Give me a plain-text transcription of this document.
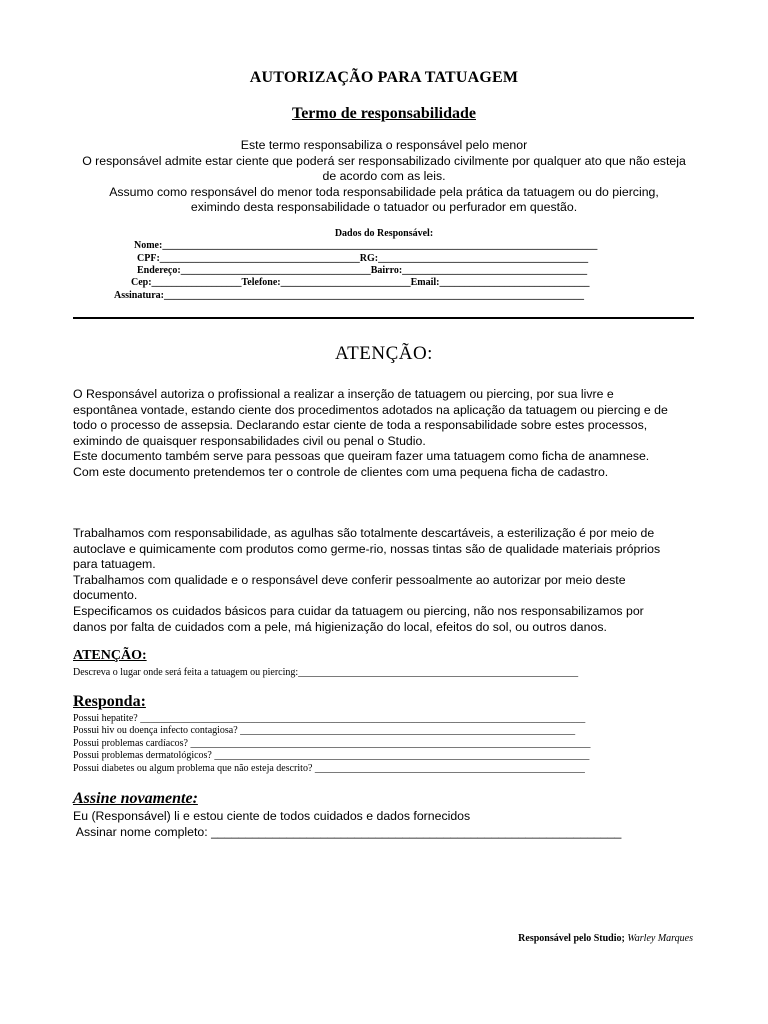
AUTORIZAÇÃO PARA TATUAGEM
Termo de responsabilidade
Este termo responsabiliza o responsável pelo menor
O responsável admite estar ciente que poderá ser responsabilizado civilmente por qualquer ato que não esteja
de acordo com as leis.
Assumo como responsável do menor toda responsabilidade pela prática da tatuagem ou do piercing,
eximindo desta responsabilidade o tatuador ou perfurador em questão.
Dados do Responsável:
Nome:_______________________________________________________________________________________
CPF:________________________________________RG:__________________________________________
Endereço:______________________________________Bairro:_____________________________________
Cep:__________________Telefone:__________________________Email:______________________________
Assinatura:____________________________________________________________________________________
ATENÇÃO:
O Responsável autoriza o profissional a realizar a inserção de tatuagem ou piercing, por sua livre e
espontânea vontade, estando ciente dos procedimentos adotados na aplicação da tatuagem ou piercing e de
todo o processo de assepsia. Declarando estar ciente de toda a responsabilidade sobre estes processos,
eximindo de quaisquer responsabilidades civil ou penal o Studio.
Este documento também serve para pessoas que queiram fazer uma tatuagem como ficha de anamnese.
Com este documento pretendemos ter o controle de clientes com uma pequena ficha de cadastro.
Trabalhamos com responsabilidade, as agulhas são totalmente descartáveis, a esterilização é por meio de
autoclave e quimicamente com produtos como germe-rio, nossas tintas são de qualidade materiais próprios
para tatuagem.
Trabalhamos com qualidade e o responsável deve conferir pessoalmente ao autorizar por meio deste
documento.
Especificamos os cuidados básicos para cuidar da tatuagem ou piercing, não nos responsabilizamos por
danos por falta de cuidados com a pele, má higienização do local, efeitos do sol, ou outros danos.
ATENÇÃO:
Descreva o lugar onde será feita a tatuagem ou piercing:________________________________________________________
Responda:
Possui hepatite? _________________________________________________________________________________________
Possui hiv ou doença infecto contagiosa? ___________________________________________________________________
Possui problemas cardíacos? ________________________________________________________________________________
Possui problemas dermatológicos? ___________________________________________________________________________
Possui diabetes ou algum problema que não esteja descrito? ______________________________________________________
Assine novamente:
Eu (Responsável) li e estou ciente de todos cuidados e dados fornecidos
Assinar nome completo: ____________________________________________________________
Responsável pelo Studio; Warley Marques
